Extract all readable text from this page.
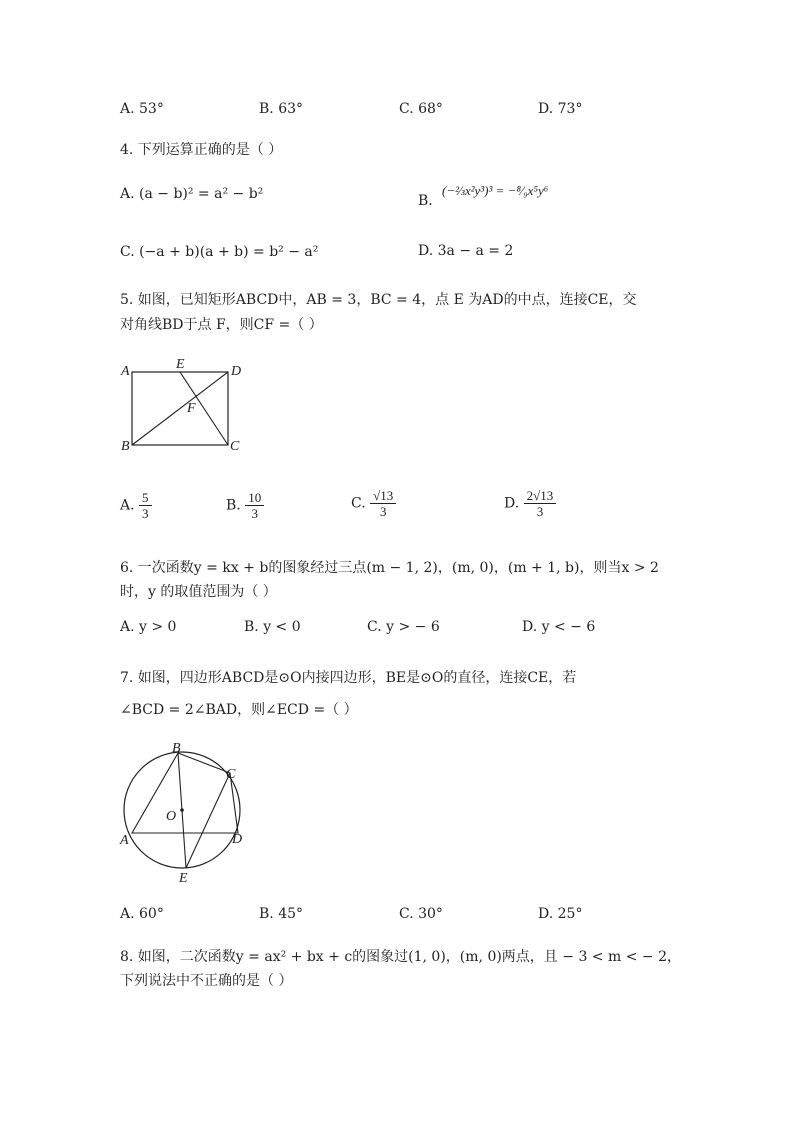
A. 53°	B. 63°	C. 68°	D. 73°
4. 下列运算正确的是（ ）
A. (a − b)² = a² − b²	B.
(−⅔x²y³)³ = −⁸⁄₉x⁵y⁶
C. (−a + b)(a + b) = b² − a²	D. 3a − a = 2
5. 如图，已知矩形ABCD中，AB = 3，BC = 4，点 E 为AD的中点，连接CE，交
对角线BD于点 F，则CF =（ ）
A	E	D
F
B	C
A. $\frac{5}{3}$	B. $\frac{10}{3}$	C. $\frac{√13}{3}$	D. $\frac{2√13}{3}$
6. 一次函数y = kx + b的图象经过三点(m − 1, 2)，(m, 0)，(m + 1, b)，则当x > 2
时，y 的取值范围为（ ）
A. y > 0	B. y < 0	C. y > − 6	D. y < − 6
7. 如图，四边形ABCD是⊙O内接四边形，BE是⊙O的直径，连接CE，若
∠BCD = 2∠BAD，则∠ECD =（ ）
B
C
O
A	D
E
A. 60°	B. 45°	C. 30°	D. 25°
8. 如图，二次函数y = ax² + bx + c的图象过(1, 0)，(m, 0)两点，且 − 3 < m < − 2，
下列说法中不正确的是（ ）
